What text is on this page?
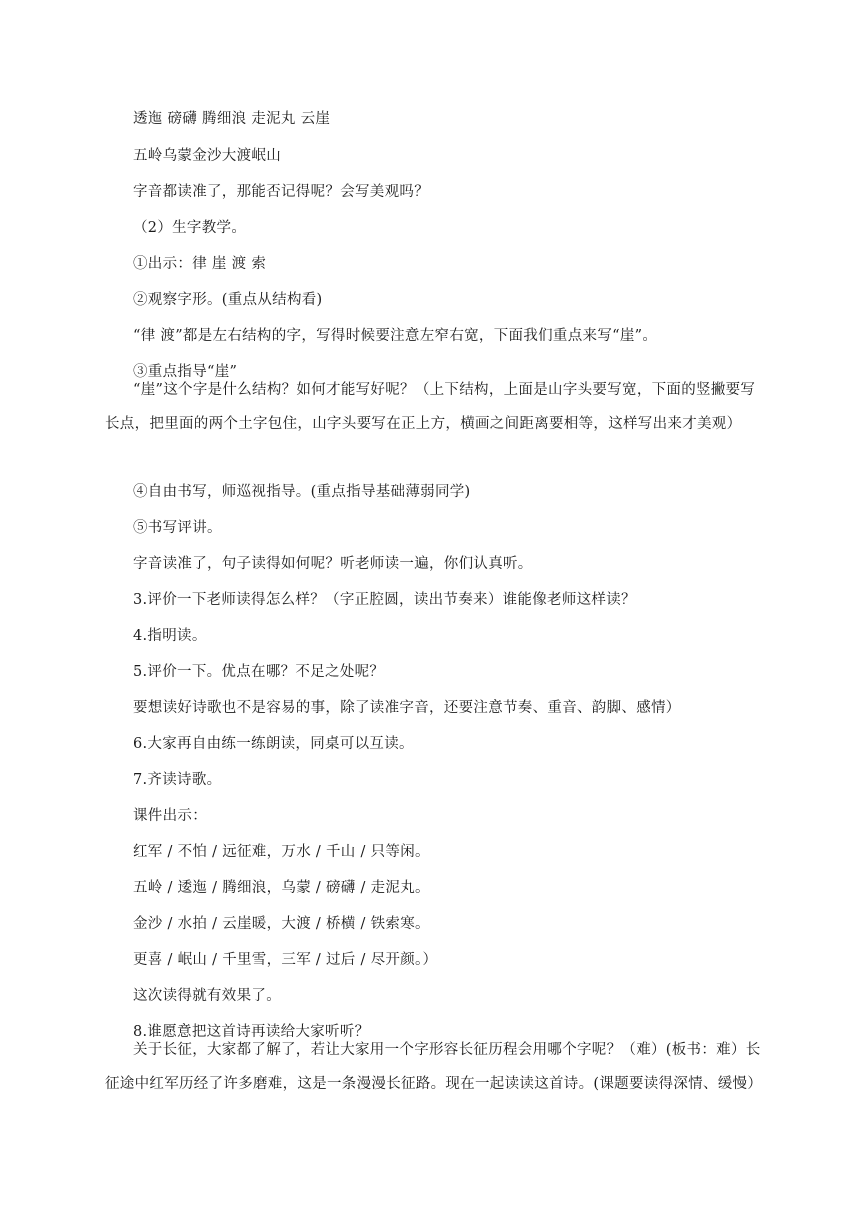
透迤 磅礴 腾细浪 走泥丸 云崖
五岭乌蒙金沙大渡岷山
字音都读准了，那能否记得呢？会写美观吗？
（2）生字教学。
①出示：律 崖 渡 索
②观察字形。(重点从结构看)
“律 渡”都是左右结构的字，写得时候要注意左窄右宽，下面我们重点来写“崖”。
③重点指导“崖”
“崖”这个字是什么结构？如何才能写好呢？（上下结构，上面是山字头要写宽，下面的竖撇要写长点，把里面的两个土字包住，山字头要写在正上方，横画之间距离要相等，这样写出来才美观）
④自由书写，师巡视指导。(重点指导基础薄弱同学)
⑤书写评讲。
字音读准了，句子读得如何呢？听老师读一遍，你们认真听。
3.评价一下老师读得怎么样？（字正腔圆，读出节奏来）谁能像老师这样读？
4.指明读。
5.评价一下。优点在哪？不足之处呢？
要想读好诗歌也不是容易的事，除了读准字音，还要注意节奏、重音、韵脚、感情）
6.大家再自由练一练朗读，同桌可以互读。
7.齐读诗歌。
课件出示：
红军 / 不怕 / 远征难，万水 / 千山 / 只等闲。
五岭 / 逶迤 / 腾细浪，乌蒙 / 磅礴 / 走泥丸。
金沙 / 水拍 / 云崖暖，大渡 / 桥横 / 铁索寒。
更喜 / 岷山 / 千里雪，三军 / 过后 / 尽开颜。）
这次读得就有效果了。
8.谁愿意把这首诗再读给大家听听？
关于长征，大家都了解了，若让大家用一个字形容长征历程会用哪个字呢？（难）(板书：难）长征途中红军历经了许多磨难，这是一条漫漫长征路。现在一起读读这首诗。(课题要读得深情、缓慢）
